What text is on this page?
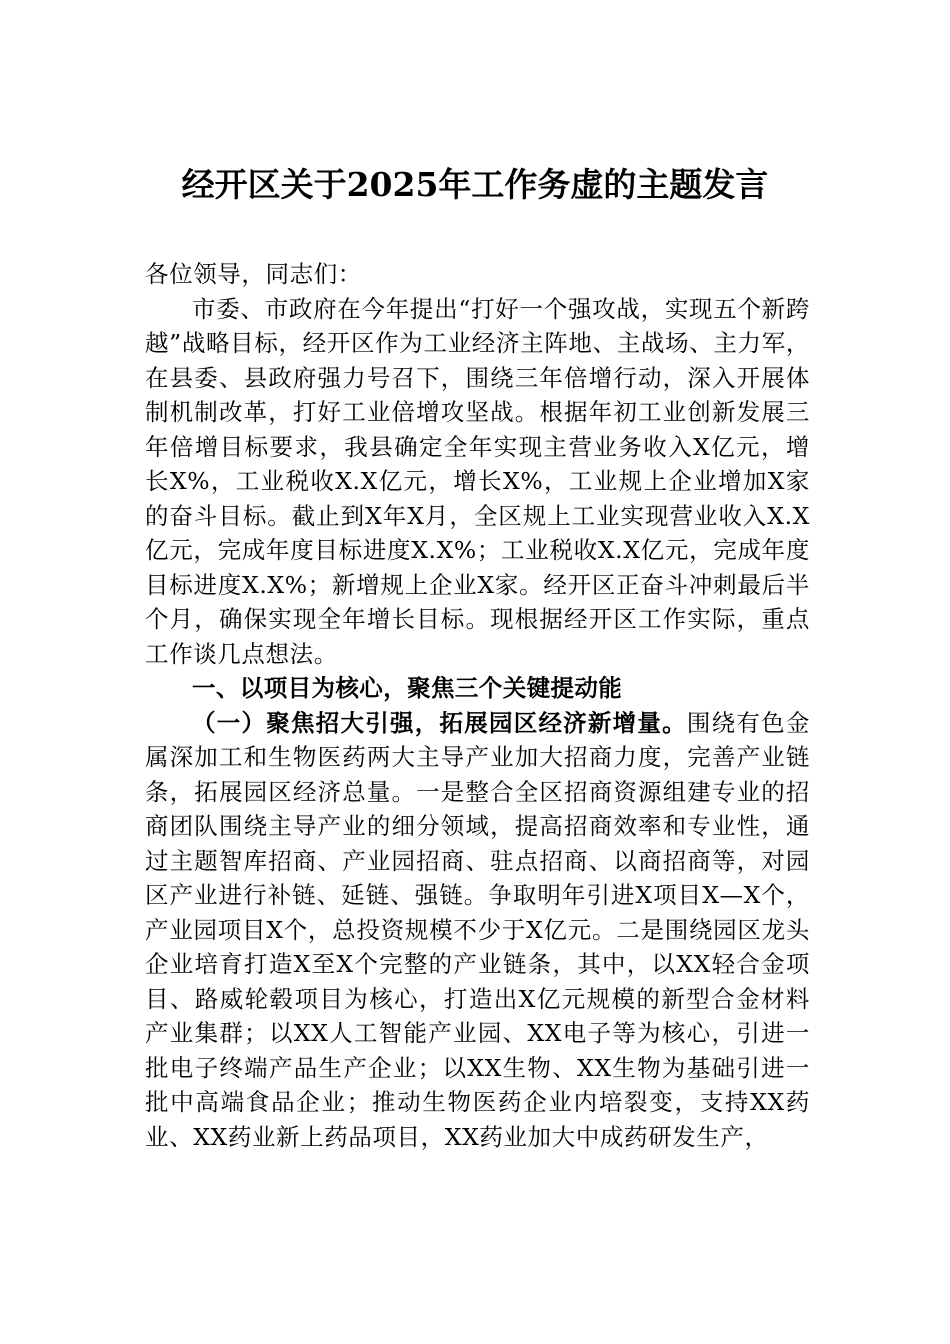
经开区关于2025年工作务虚的主题发言

各位领导，同志们：

市委、市政府在今年提出“打好一个强攻战，实现五个新跨越”战略目标，经开区作为工业经济主阵地、主战场、主力军，在县委、县政府强力号召下，围绕三年倍增行动，深入开展体制机制改革，打好工业倍增攻坚战。根据年初工业创新发展三年倍增目标要求，我县确定全年实现主营业务收入X亿元，增长X%，工业税收X.X亿元，增长X%，工业规上企业增加X家的奋斗目标。截止到X年X月，全区规上工业实现营业收入X.X亿元，完成年度目标进度X.X%；工业税收X.X亿元，完成年度目标进度X.X%；新增规上企业X家。经开区正奋斗冲刺最后半个月，确保实现全年增长目标。现根据经开区工作实际，重点工作谈几点想法。

一、以项目为核心，聚焦三个关键提动能

（一）聚焦招大引强，拓展园区经济新增量。围绕有色金属深加工和生物医药两大主导产业加大招商力度，完善产业链条，拓展园区经济总量。一是整合全区招商资源组建专业的招商团队围绕主导产业的细分领域，提高招商效率和专业性，通过主题智库招商、产业园招商、驻点招商、以商招商等，对园区产业进行补链、延链、强链。争取明年引进X项目X—X个，产业园项目X个，总投资规模不少于X亿元。二是围绕园区龙头企业培育打造X至X个完整的产业链条，其中，以XX轻合金项目、路威轮毂项目为核心，打造出X亿元规模的新型合金材料产业集群；以XX人工智能产业园、XX电子等为核心，引进一批电子终端产品生产企业；以XX生物、XX生物为基础引进一批中高端食品企业；推动生物医药企业内培裂变，支持XX药业、XX药业新上药品项目，XX药业加大中成药研发生产，
